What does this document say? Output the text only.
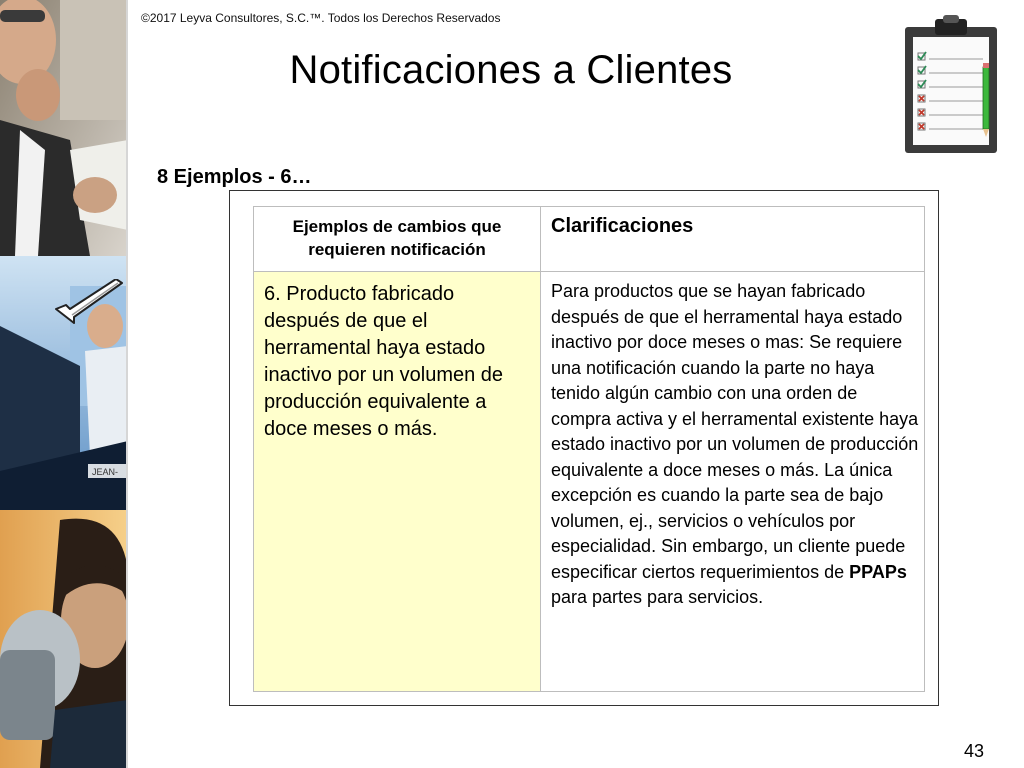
JEAN-
©2017 Leyva Consultores, S.C.™. Todos los Derechos Reservados
Notificaciones a Clientes
8 Ejemplos - 6…
Ejemplos de cambios que requieren notificación
Clarificaciones
6. Producto fabricado después de que el herramental haya estado inactivo por un volumen de producción equivalente a doce meses o más.
Para productos que se hayan fabricado después de que el herramental haya estado inactivo por doce meses o mas: Se requiere una notificación cuando la parte no haya tenido algún cambio con una orden de compra activa y el herramental existente haya estado inactivo por un volumen de producción equivalente a doce meses o más. La única excepción es cuando la parte sea de bajo volumen, ej., servicios o vehículos por especialidad. Sin embargo, un cliente puede especificar ciertos requerimientos de PPAPs para partes para servicios.
43
